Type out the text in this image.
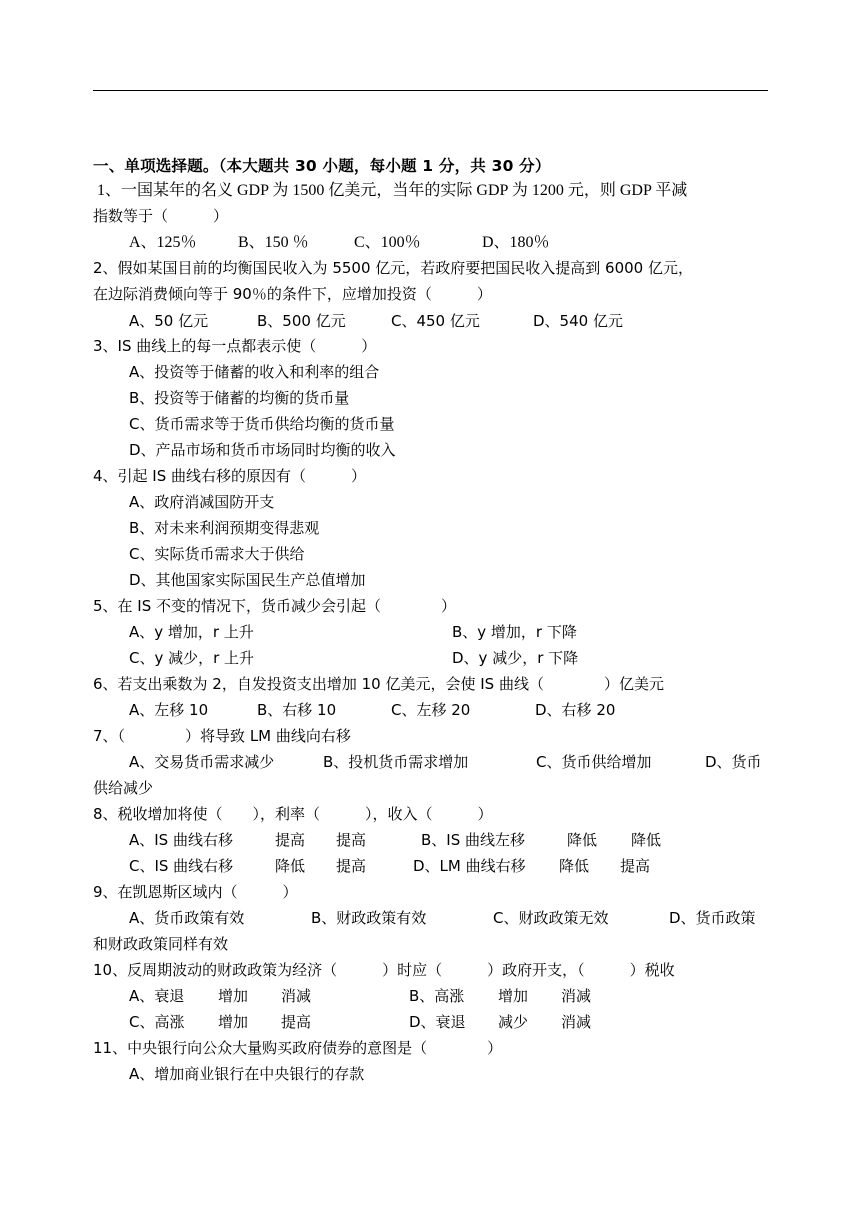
一、单项选择题。（本大题共 30 小题，每小题 1 分，共 30 分）
1、一国某年的名义 GDP 为 1500 亿美元，当年的实际 GDP 为 1200 元，则 GDP 平减
指数等于（　　　）
A、125％	B、150 ％	C、100％	D、180％
2、假如某国目前的均衡国民收入为 5500 亿元，若政府要把国民收入提高到 6000 亿元，
在边际消费倾向等于 90％的条件下，应增加投资（　　　）
A、50 亿元	B、500 亿元	C、450 亿元	D、540 亿元
3、IS 曲线上的每一点都表示使（　　　）
A、投资等于储蓄的收入和利率的组合
B、投资等于储蓄的均衡的货币量
C、货币需求等于货币供给均衡的货币量
D、产品市场和货币市场同时均衡的收入
4、引起 IS 曲线右移的原因有（　　　）
A、政府消减国防开支
B、对未来利润预期变得悲观
C、实际货币需求大于供给
D、其他国家实际国民生产总值增加
5、在 IS 不变的情况下，货币减少会引起（　　　　）
A、y 增加，r 上升	B、y 增加，r 下降
C、y 减少，r 上升	D、y 减少，r 下降
6、若支出乘数为 2，自发投资支出增加 10 亿美元，会使 IS 曲线（　　　　）亿美元
A、左移 10	B、右移 10	C、左移 20	D、右移 20
7、（　　　　）将导致 LM 曲线向右移
A、交易货币需求减少	B、投机货币需求增加	C、货币供给增加	D、货币
供给减少
8、税收增加将使（　　），利率（　　　），收入（　　　）
A、IS 曲线右移	提高 提高	B、IS 曲线左移	降低 降低
C、IS 曲线右移	降低 提高	D、LM 曲线右移 降低 提高
9、在凯恩斯区域内（　　　）
A、货币政策有效	B、财政政策有效	C、财政政策无效	D、货币政策
和财政政策同样有效
10、反周期波动的财政政策为经济（　　　）时应（　　　）政府开支，（　　　）税收
A、衰退 增加 消减	B、高涨 增加 消减
C、高涨 增加 提高	D、衰退 减少 消减
11、中央银行向公众大量购买政府债券的意图是（　　　　）
A、增加商业银行在中央银行的存款
